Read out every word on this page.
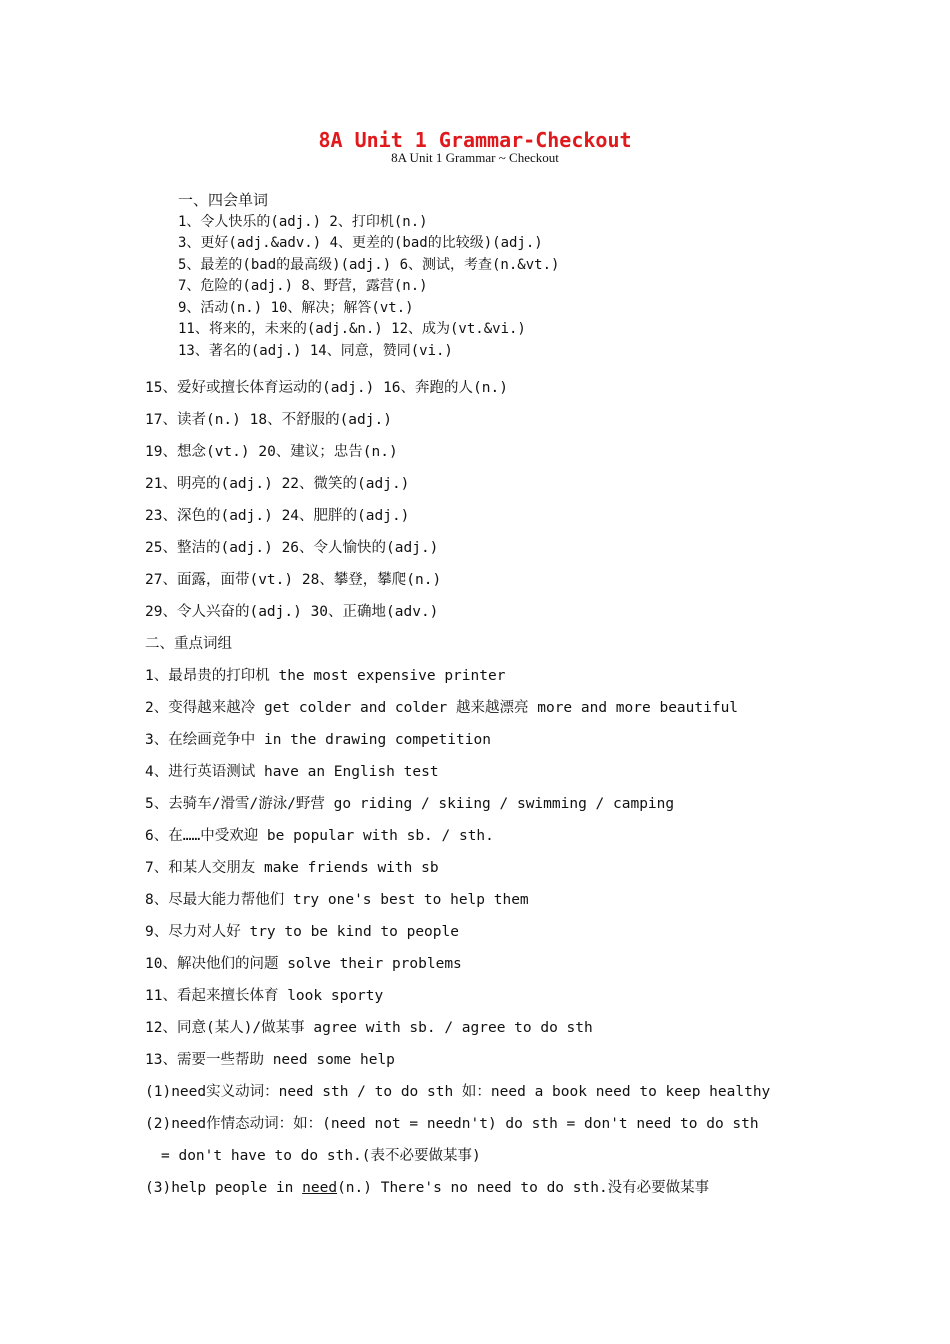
8A Unit 1 Grammar-Checkout
8A Unit 1 Grammar ~ Checkout
一、四会单词
1、令人快乐的(adj.) 2、打印机(n.)
3、更好(adj.&adv.) 4、更差的(bad的比较级)(adj.)
5、最差的(bad的最高级)(adj.) 6、测试，考查(n.&vt.)
7、危险的(adj.) 8、野营，露营(n.)
9、活动(n.) 10、解决；解答(vt.)
11、将来的，未来的(adj.&n.) 12、成为(vt.&vi.)
13、著名的(adj.) 14、同意，赞同(vi.)
15、爱好或擅长体育运动的(adj.) 16、奔跑的人(n.)
17、读者(n.) 18、不舒服的(adj.)
19、想念(vt.) 20、建议；忠告(n.)
21、明亮的(adj.) 22、微笑的(adj.)
23、深色的(adj.) 24、肥胖的(adj.)
25、整洁的(adj.) 26、令人愉快的(adj.)
27、面露，面带(vt.) 28、攀登，攀爬(n.)
29、令人兴奋的(adj.) 30、正确地(adv.)
二、重点词组
1、最昂贵的打印机 the most expensive printer
2、变得越来越冷 get colder and colder 越来越漂亮 more and more beautiful
3、在绘画竞争中 in the drawing competition
4、进行英语测试 have an English test
5、去骑车/滑雪/游泳/野营 go riding / skiing / swimming / camping
6、在……中受欢迎 be popular with sb. / sth.
7、和某人交朋友 make friends with sb
8、尽最大能力帮他们 try one's best to help them
9、尽力对人好 try to be kind to people
10、解决他们的问题 solve their problems
11、看起来擅长体育 look sporty
12、同意(某人)/做某事 agree with sb. / agree to do sth
13、需要一些帮助 need some help
(1)need实义动词：need sth / to do sth 如：need a book need to keep healthy
(2)need作情态动词：如：(need not = needn't) do sth = don't need to do sth
= don't have to do sth.(表不必要做某事)
(3)help people in need(n.) There's no need to do sth.没有必要做某事
